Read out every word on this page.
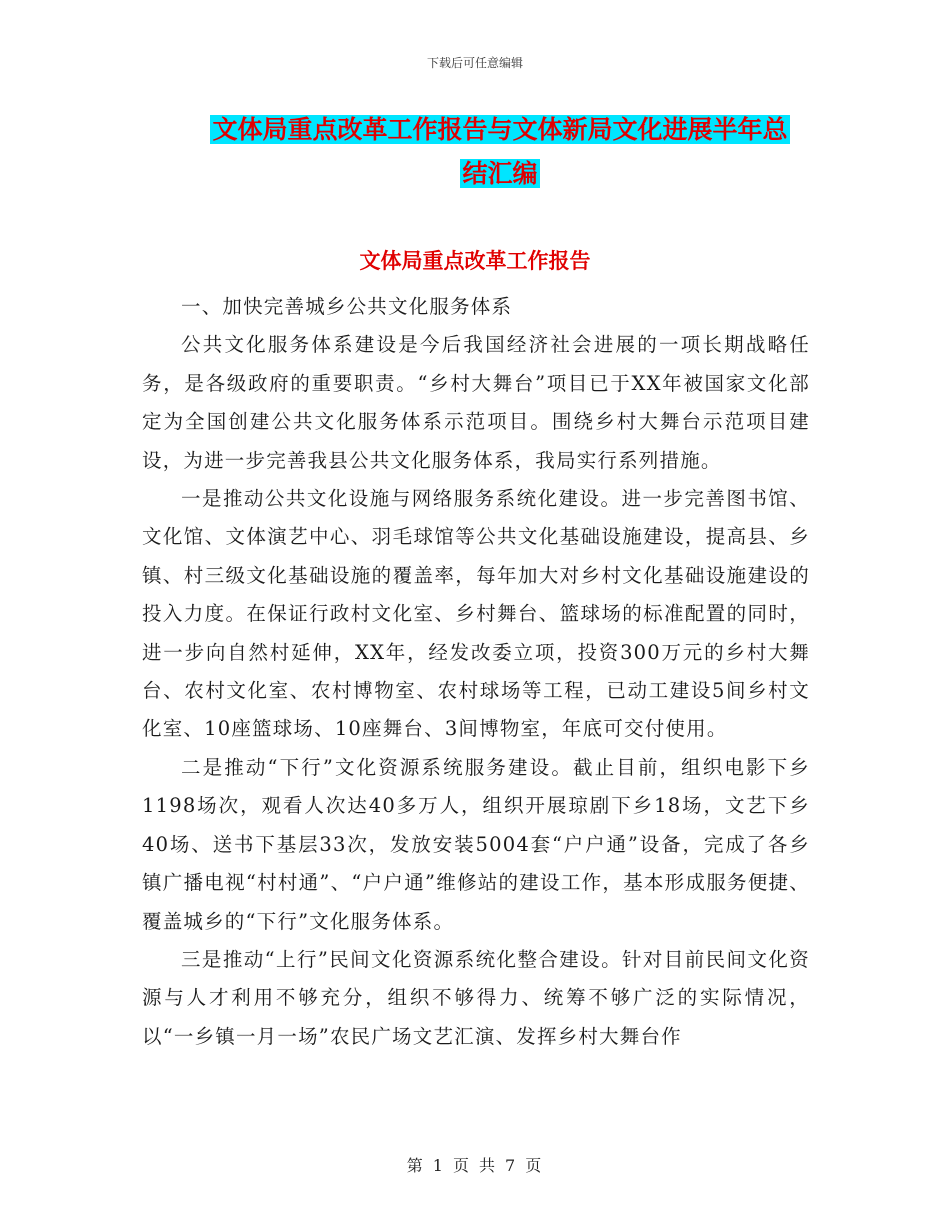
下载后可任意编辑
文体局重点改革工作报告与文体新局文化进展半年总
结汇编
文体局重点改革工作报告

一、加快完善城乡公共文化服务体系

公共文化服务体系建设是今后我国经济社会进展的一项长期战略任务，是各级政府的重要职责。“乡村大舞台”项目已于XX年被国家文化部定为全国创建公共文化服务体系示范项目。围绕乡村大舞台示范项目建设，为进一步完善我县公共文化服务体系，我局实行系列措施。

一是推动公共文化设施与网络服务系统化建设。进一步完善图书馆、文化馆、文体演艺中心、羽毛球馆等公共文化基础设施建设，提高县、乡镇、村三级文化基础设施的覆盖率，每年加大对乡村文化基础设施建设的投入力度。在保证行政村文化室、乡村舞台、篮球场的标准配置的同时，进一步向自然村延伸，XX年，经发改委立项，投资300万元的乡村大舞台、农村文化室、农村博物室、农村球场等工程，已动工建设5间乡村文化室、10座篮球场、10座舞台、3间博物室，年底可交付使用。

二是推动“下行”文化资源系统服务建设。截止目前，组织电影下乡1198场次，观看人次达40多万人，组织开展琼剧下乡18场，文艺下乡40场、送书下基层33次，发放安装5004套“户户通”设备，完成了各乡镇广播电视“村村通”、“户户通”维修站的建设工作，基本形成服务便捷、覆盖城乡的“下行”文化服务体系。

三是推动“上行”民间文化资源系统化整合建设。针对目前民间文化资源与人才利用不够充分，组织不够得力、统筹不够广泛的实际情况，以“一乡镇一月一场”农民广场文艺汇演、发挥乡村大舞台作

第 1 页 共 7 页
